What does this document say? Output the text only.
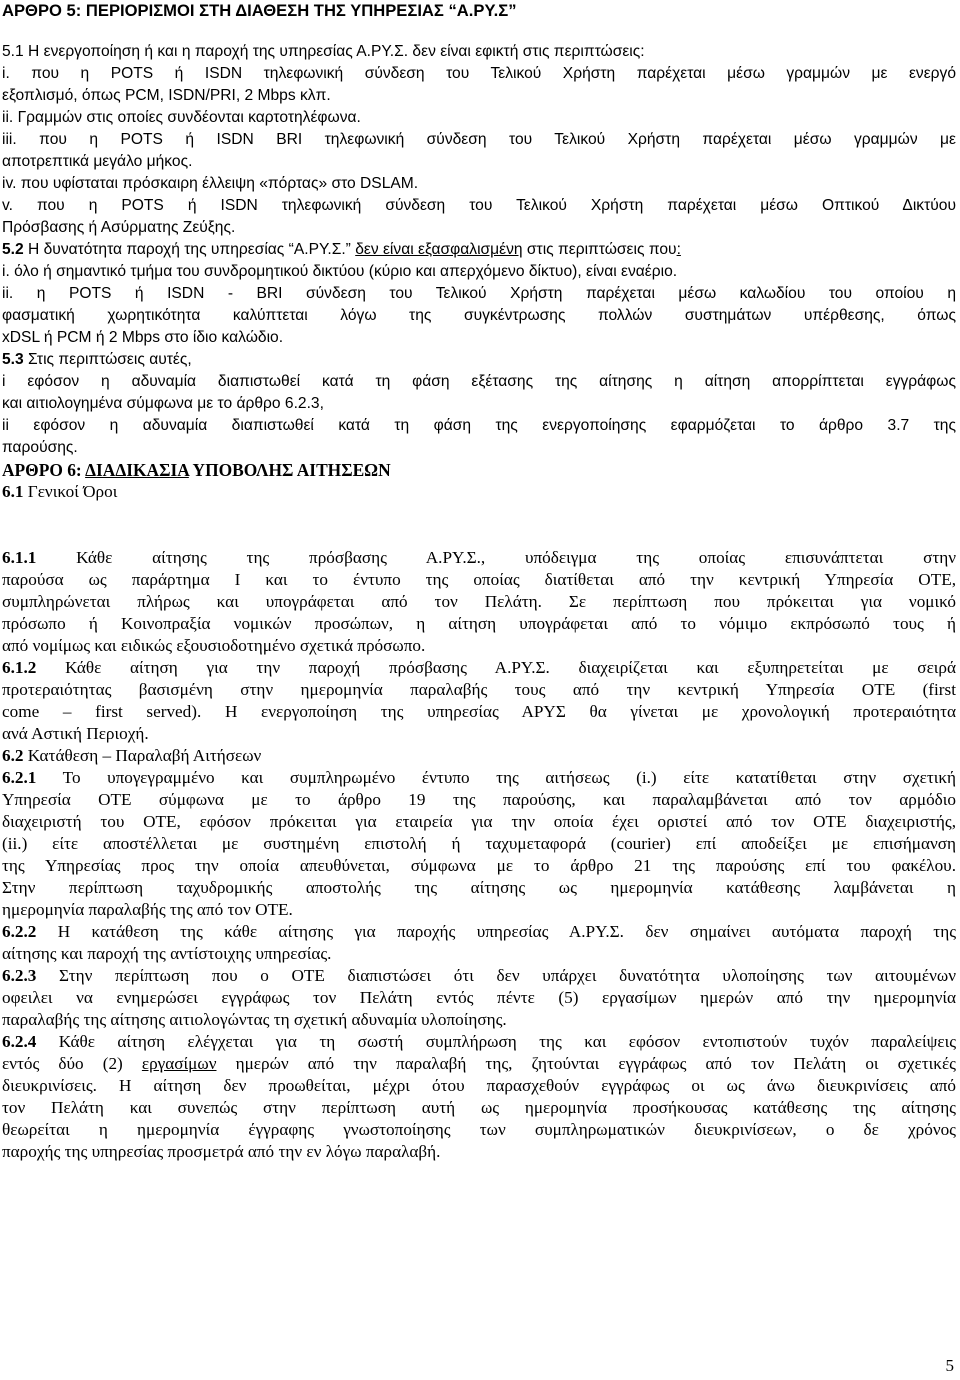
ΑΡΘΡΟ 5: ΠΕΡΙΟΡΙΣΜΟΙ ΣΤΗ ΔΙΑΘΕΣΗ ΤΗΣ ΥΠΗΡΕΣΙΑΣ “Α.ΡΥ.Σ”
5.1 Η ενεργοποίηση ή και η παροχή της υπηρεσίας Α.ΡΥ.Σ. δεν είναι εφικτή στις περιπτώσεις:
i. που η POTS ή ISDN τηλεφωνική σύνδεση του Τελικού Χρήστη παρέχεται μέσω γραμμών με ενεργό
εξοπλισμό, όπως PCM, ISDN/PRI, 2 Mbps κλπ.
ii. Γραμμών στις οποίες συνδέονται καρτοτηλέφωνα.
iii. που η POTS ή ISDN BRI τηλεφωνική σύνδεση του Τελικού Χρήστη παρέχεται μέσω γραμμών με
αποτρεπτικά μεγάλο μήκος.
iv. που υφίσταται πρόσκαιρη έλλειψη «πόρτας» στο DSLAM.
v. που η POTS ή ISDN τηλεφωνική σύνδεση του Τελικού Χρήστη παρέχεται μέσω Οπτικού Δικτύου
Πρόσβασης ή Ασύρματης Ζεύξης.
5.2 Η δυνατότητα παροχή της υπηρεσίας “Α.ΡΥ.Σ.” δεν είναι εξασφαλισμένη στις περιπτώσεις που:
i. όλο ή σημαντικό τμήμα του συνδρομητικού δικτύου (κύριο και απερχόμενο δίκτυο), είναι εναέριο.
ii. η POTS ή ISDN - BRI σύνδεση του Τελικού Χρήστη παρέχεται μέσω καλωδίου του οποίου η
φασματική χωρητικότητα καλύπτεται λόγω της συγκέντρωσης πολλών συστημάτων υπέρθεσης, όπως
xDSL ή PCM ή 2 Mbps στο ίδιο καλώδιο.
5.3 Στις περιπτώσεις αυτές,
i εφόσον η αδυναμία διαπιστωθεί κατά τη φάση εξέτασης της αίτησης η αίτηση απορρίπτεται εγγράφως
και αιτιολογημένα σύμφωνα με το άρθρο 6.2.3,
ii εφόσον η αδυναμία διαπιστωθεί κατά τη φάση της ενεργοποίησης εφαρμόζεται το άρθρο 3.7 της
παρούσης.
ΑΡΘΡΟ 6: ΔΙΑΔΙΚΑΣΙΑ ΥΠΟΒΟΛΗΣ ΑΙΤΗΣΕΩΝ
6.1 Γενικοί Όροι
6.1.1 Κάθε αίτησης της πρόσβασης Α.ΡΥ.Σ., υπόδειγμα της οποίας επισυνάπτεται στην
παρούσα ως παράρτημα Ι και το έντυπο της οποίας διατίθεται από την κεντρική Υπηρεσία ΟΤΕ,
συμπληρώνεται πλήρως και υπογράφεται από τον Πελάτη. Σε περίπτωση που πρόκειται για νομικό
πρόσωπο ή Κοινοπραξία νομικών προσώπων, η αίτηση υπογράφεται από το νόμιμο εκπρόσωπό τους ή
από νομίμως και ειδικώς εξουσιοδοτημένο σχετικά πρόσωπο.
6.1.2 Κάθε αίτηση για την παροχή πρόσβασης Α.ΡΥ.Σ. διαχειρίζεται και εξυπηρετείται με σειρά
προτεραιότητας βασισμένη στην ημερομηνία παραλαβής τους από την κεντρική Υπηρεσία ΟΤΕ (first
come – first served). Η ενεργοποίηση της υπηρεσίας ΑΡΥΣ θα γίνεται με χρονολογική προτεραιότητα
ανά Αστική Περιοχή.
6.2 Κατάθεση – Παραλαβή Αιτήσεων
6.2.1 Το υπογεγραμμένο και συμπληρωμένο έντυπο της αιτήσεως (i.) είτε κατατίθεται στην σχετική
Υπηρεσία ΟΤΕ σύμφωνα με το άρθρο 19 της παρούσης, και παραλαμβάνεται από τον αρμόδιο
διαχειριστή του ΟΤΕ, εφόσον πρόκειται για εταιρεία για την οποία έχει οριστεί από τον ΟΤΕ διαχειριστής,
(ii.) είτε αποστέλλεται με συστημένη επιστολή ή ταχυμεταφορά (courier) επί αποδείξει με επισήμανση
της Υπηρεσίας προς την οποία απευθύνεται, σύμφωνα με το άρθρο 21 της παρούσης επί του φακέλου.
Στην περίπτωση ταχυδρομικής αποστολής της αίτησης ως ημερομηνία κατάθεσης λαμβάνεται η
ημερομηνία παραλαβής της από τον ΟΤΕ.
6.2.2 Η κατάθεση της κάθε αίτησης για παροχής υπηρεσίας Α.ΡΥ.Σ. δεν σημαίνει αυτόματα παροχή της
αίτησης και παροχή της αντίστοιχης υπηρεσίας.
6.2.3 Στην περίπτωση που ο ΟΤΕ διαπιστώσει ότι δεν υπάρχει δυνατότητα υλοποίησης των αιτουμένων
οφειλει να ενημερώσει εγγράφως τον Πελάτη εντός πέντε (5) εργασίμων ημερών από την ημερομηνία
παραλαβής της αίτησης αιτιολογώντας τη σχετική αδυναμία υλοποίησης.
6.2.4 Κάθε αίτηση ελέγχεται για τη σωστή συμπλήρωση της και εφόσον εντοπιστούν τυχόν παραλείψεις
εντός δύο (2) εργασίμων ημερών από την παραλαβή της, ζητούνται εγγράφως από τον Πελάτη οι σχετικές
διευκρινίσεις. Η αίτηση δεν προωθείται, μέχρι ότου παρασχεθούν εγγράφως οι ως άνω διευκρινίσεις από
τον Πελάτη και συνεπώς στην περίπτωση αυτή ως ημερομηνία προσήκουσας κατάθεσης της αίτησης
θεωρείται η ημερομηνία έγγραφης γνωστοποίησης των συμπληρωματικών διευκρινίσεων, ο δε χρόνος
παροχής της υπηρεσίας προσμετρά από την εν λόγω παραλαβή.
5
